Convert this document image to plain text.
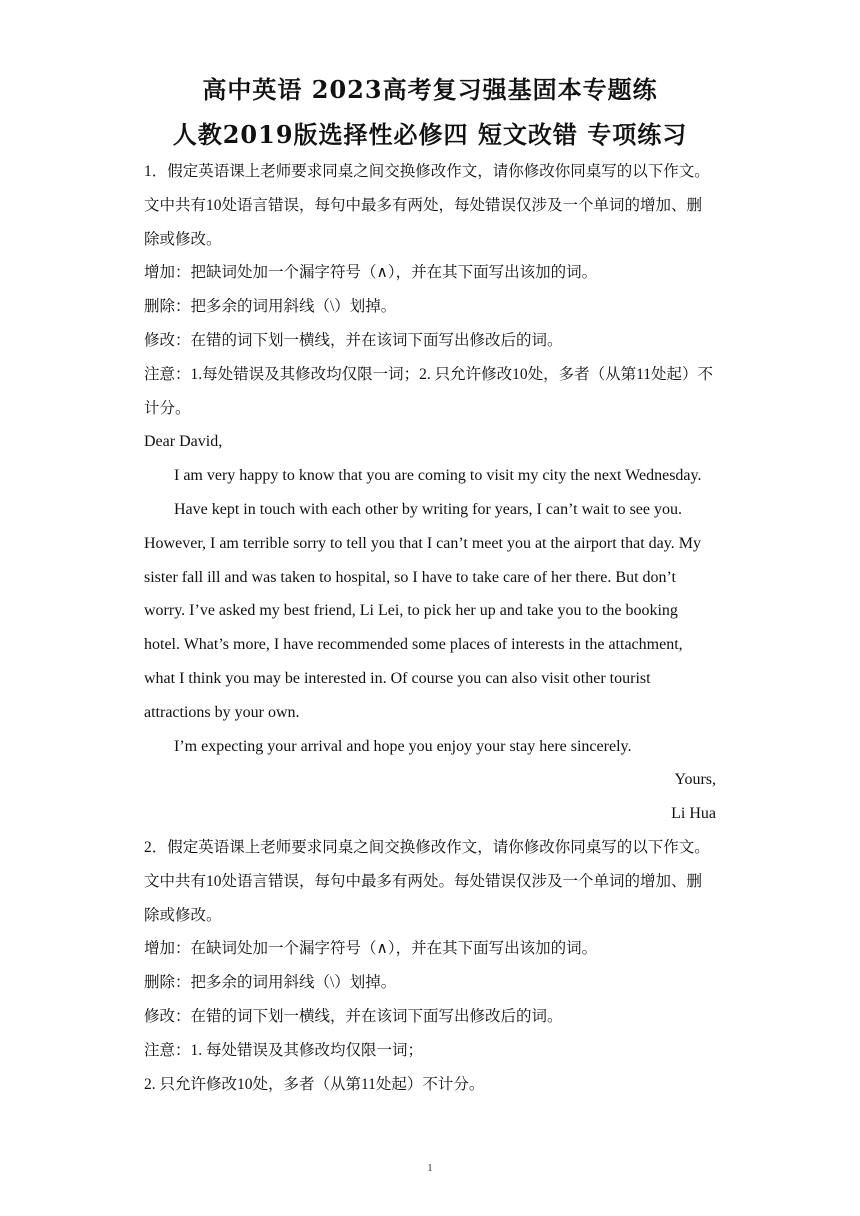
高中英语 2023高考复习强基固本专题练
人教2019版选择性必修四 短文改错 专项练习

1．假定英语课上老师要求同桌之间交换修改作文，请你修改你同桌写的以下作文。文中共有10处语言错误，每句中最多有两处，每处错误仅涉及一个单词的增加、删除或修改。

增加：把缺词处加一个漏字符号（∧），并在其下面写出该加的词。

删除：把多余的词用斜线（\）划掉。

修改：在错的词下划一横线，并在该词下面写出修改后的词。

注意：1.每处错误及其修改均仅限一词；2. 只允许修改10处，多者（从第11处起）不计分。

Dear David,

I am very happy to know that you are coming to visit my city the next Wednesday.

Have kept in touch with each other by writing for years, I can’t wait to see you. However, I am terrible sorry to tell you that I can’t meet you at the airport that day. My sister fall ill and was taken to hospital, so I have to take care of her there. But don’t worry. I’ve asked my best friend, Li Lei, to pick her up and take you to the booking hotel. What’s more, I have recommended some places of interests in the attachment, what I think you may be interested in. Of course you can also visit other tourist attractions by your own.

I’m expecting your arrival and hope you enjoy your stay here sincerely.

Yours,

Li Hua

2．假定英语课上老师要求同桌之间交换修改作文，请你修改你同桌写的以下作文。文中共有10处语言错误，每句中最多有两处。每处错误仅涉及一个单词的增加、删除或修改。

增加：在缺词处加一个漏字符号（∧），并在其下面写出该加的词。

删除：把多余的词用斜线（\）划掉。

修改：在错的词下划一横线，并在该词下面写出修改后的词。

注意：1. 每处错误及其修改均仅限一词；

2. 只允许修改10处，多者（从第11处起）不计分。

1
